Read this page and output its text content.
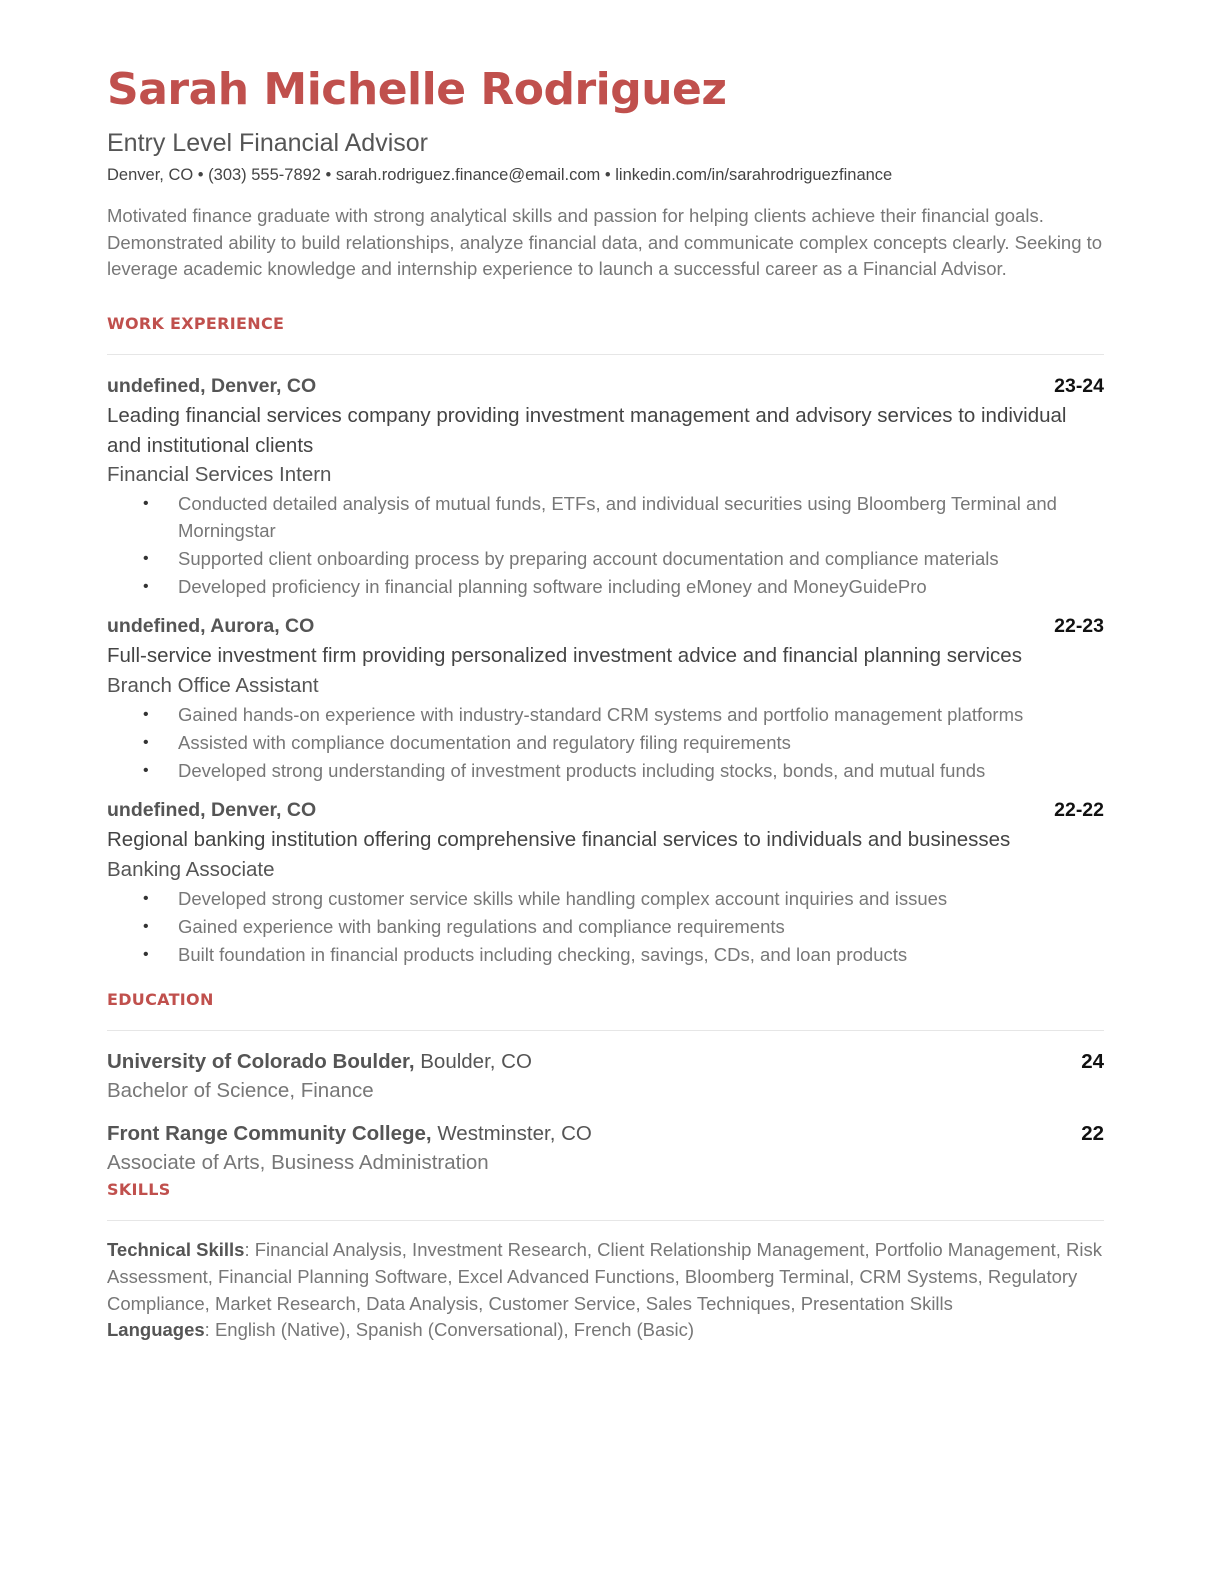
Sarah Michelle Rodriguez
Entry Level Financial Advisor
Denver, CO • (303) 555-7892 • sarah.rodriguez.finance@email.com • linkedin.com/in/sarahrodriguezfinance
Motivated finance graduate with strong analytical skills and passion for helping clients achieve their financial goals. Demonstrated ability to build relationships, analyze financial data, and communicate complex concepts clearly. Seeking to leverage academic knowledge and internship experience to launch a successful career as a Financial Advisor.
WORK EXPERIENCE
undefined, Denver, CO	23-24
Leading financial services company providing investment management and advisory services to individual and institutional clients
Financial Services Intern
• Conducted detailed analysis of mutual funds, ETFs, and individual securities using Bloomberg Terminal and Morningstar
• Supported client onboarding process by preparing account documentation and compliance materials
• Developed proficiency in financial planning software including eMoney and MoneyGuidePro
undefined, Aurora, CO	22-23
Full-service investment firm providing personalized investment advice and financial planning services
Branch Office Assistant
• Gained hands-on experience with industry-standard CRM systems and portfolio management platforms
• Assisted with compliance documentation and regulatory filing requirements
• Developed strong understanding of investment products including stocks, bonds, and mutual funds
undefined, Denver, CO	22-22
Regional banking institution offering comprehensive financial services to individuals and businesses
Banking Associate
• Developed strong customer service skills while handling complex account inquiries and issues
• Gained experience with banking regulations and compliance requirements
• Built foundation in financial products including checking, savings, CDs, and loan products
EDUCATION
University of Colorado Boulder, Boulder, CO	24
Bachelor of Science, Finance
Front Range Community College, Westminster, CO	22
Associate of Arts, Business Administration
SKILLS
Technical Skills: Financial Analysis, Investment Research, Client Relationship Management, Portfolio Management, Risk Assessment, Financial Planning Software, Excel Advanced Functions, Bloomberg Terminal, CRM Systems, Regulatory Compliance, Market Research, Data Analysis, Customer Service, Sales Techniques, Presentation Skills
Languages: English (Native), Spanish (Conversational), French (Basic)
